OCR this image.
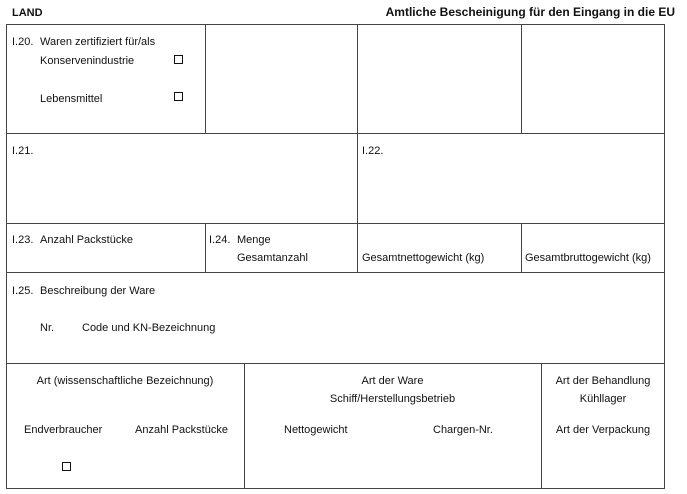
LAND	Amtliche Bescheinigung für den Eingang in die EU
I.20. Waren zertifiziert für/als
Konservenindustrie
Lebensmittel
I.21.	I.22.
I.23. Anzahl Packstücke	I.24. Menge
Gesamtanzahl	Gesamtnettogewicht (kg)	Gesamtbruttogewicht (kg)
I.25. Beschreibung der Ware
Nr.	Code und KN-Bezeichnung
Art (wissenschaftliche Bezeichnung)
Endverbraucher	Anzahl Packstücke
Art der Ware
Schiff/Herstellungsbetrieb
Nettogewicht	Chargen-Nr.
Art der Behandlung
Kühllager
Art der Verpackung
